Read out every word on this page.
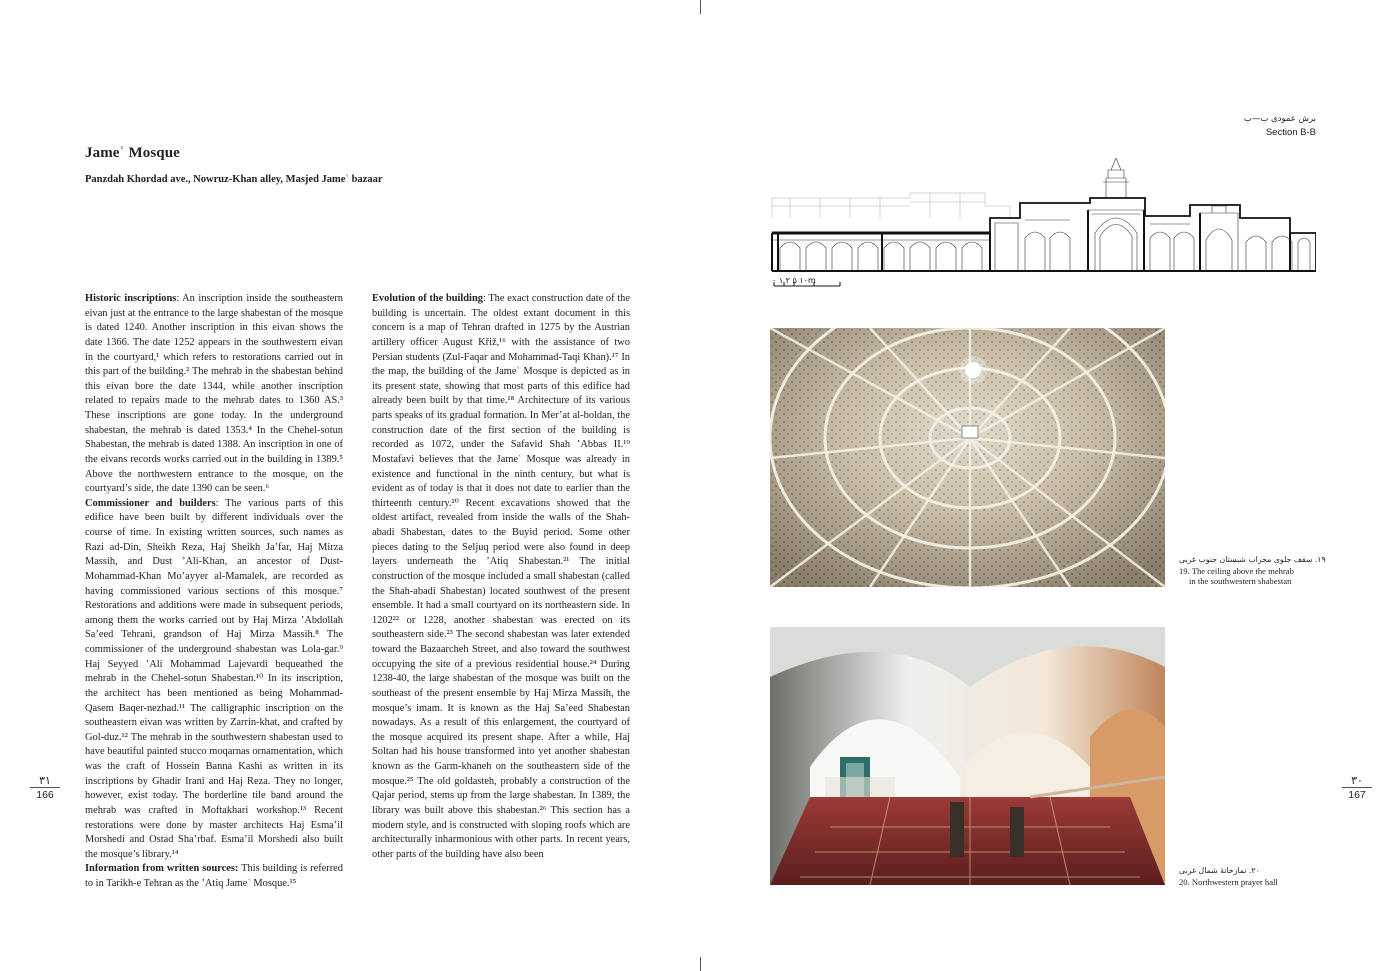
Jameʿ Mosque
Panzdah Khordad ave., Nowruz-Khan alley, Masjed Jameʿ bazaar

Historic inscriptions: An inscription inside the southeastern eivan just at the entrance to the large shabestan of the mosque is dated 1240. Another inscription in this eivan shows the date 1366. The date 1252 appears in the southwestern eivan in the courtyard,¹ which refers to restorations carried out in this part of the building.² The mehrab in the shabestan behind this eivan bore the date 1344, while another inscription related to repairs made to the mehrab dates to 1360 AS.³ These inscriptions are gone today. In the underground shabestan, the mehrab is dated 1353.⁴ In the Chehel-sotun Shabestan, the mehrab is dated 1388. An inscription in one of the eivans records works carried out in the building in 1389.⁵ Above the northwestern entrance to the mosque, on the courtyard’s side, the date 1390 can be seen.⁶

Commissioner and builders: The various parts of this edifice have been built by different individuals over the course of time. In existing written sources, such names as Razi ad-Din, Sheikh Reza, Haj Sheikh Ja’far, Haj Mirza Massih, and Dust ’Ali-Khan, an ancestor of Dust-Mohammad-Khan Mo’ayyer al-Mamalek, are recorded as having commissioned various sections of this mosque.⁷ Restorations and additions were made in subsequent periods, among them the works carried out by Haj Mirza ’Abdollah Sa’eed Tehrani, grandson of Haj Mirza Massih.⁸ The commissioner of the underground shabestan was Lola-gar.⁹ Haj Seyyed ’Ali Mohammad Lajevardi bequeathed the mehrab in the Chehel-sotun Shabestan.¹⁰ In its inscription, the architect has been mentioned as being Mohammad-Qasem Baqer-nezhad.¹¹ The calligraphic inscription on the southeastern eivan was written by Zarrin-khat, and crafted by Gol-duz.¹² The mehrab in the southwestern shabestan used to have beautiful painted stucco moqarnas ornamentation, which was the craft of Hossein Banna Kashi as written in its inscriptions by Ghadir Irani and Haj Reza. They no longer, however, exist today. The borderline tile band around the mehrab was crafted in Moftakhari workshop.¹³ Recent restorations were done by master architects Haj Esma’il Morshedi and Ostad Sha’rbaf. Esma’il Morshedi also built the mosque’s library.¹⁴

Information from written sources: This building is referred to in Tarikh-e Tehran as the ’Atiq Jameʿ Mosque.¹⁵

Evolution of the building: The exact construction date of the building is uncertain. The oldest extant document in this concern is a map of Tehran drafted in 1275 by the Austrian artillery officer August Křiž,¹⁶ with the assistance of two Persian students (Zul-Faqar and Mohammad-Taqi Khan).¹⁷ In the map, the building of the Jameʿ Mosque is depicted as in its present state, showing that most parts of this edifice had already been built by that time.¹⁸ Architecture of its various parts speaks of its gradual formation. In Mer’at al-boldan, the construction date of the first section of the building is recorded as 1072, under the Safavid Shah ’Abbas II.¹⁹ Mostafavi believes that the Jameʿ Mosque was already in existence and functional in the ninth century, but what is evident as of today is that it does not date to earlier than the thirteenth century.²⁰ Recent excavations showed that the oldest artifact, revealed from inside the walls of the Shah-abadi Shabestan, dates to the Buyid period. Some other pieces dating to the Seljuq period were also found in deep layers underneath the ’Atiq Shabestan.²¹ The initial construction of the mosque included a small shabestan (called the Shah-abadi Shabestan) located southwest of the present ensemble. It had a small courtyard on its northeastern side. In 1202²² or 1228, another shabestan was erected on its southeastern side.²³ The second shabestan was later extended toward the Bazaarcheh Street, and also toward the southwest occupying the site of a previous residential house.²⁴ During 1238-40, the large shabestan of the mosque was built on the southeast of the present ensemble by Haj Mirza Massih, the mosque’s imam. It is known as the Haj Sa’eed Shabestan nowadays. As a result of this enlargement, the courtyard of the mosque acquired its present shape. After a while, Haj Soltan had his house transformed into yet another shabestan known as the Garm-khaneh on the southeastern side of the mosque.²⁵ The old goldasteh, probably a construction of the Qajar period, stems up from the large shabestan. In 1389, the library was built above this shabestan.²⁶ This section has a modern style, and is constructed with sloping roofs which are architecturally inharmonious with other parts. In recent years, other parts of the building have also been

۳۱
166
برش عمودی ب—ب
Section B-B
۰ ۱ ۲ ۵ ۱۰m
۱۹. سقف جلوی محراب شبستان جنوب غربی
19. The ceiling above the mehrab
in the southwestern shabestan
۲۰. نمازخانهٔ شمال غربی
20. Northwestern prayer hall
۳۰
167
